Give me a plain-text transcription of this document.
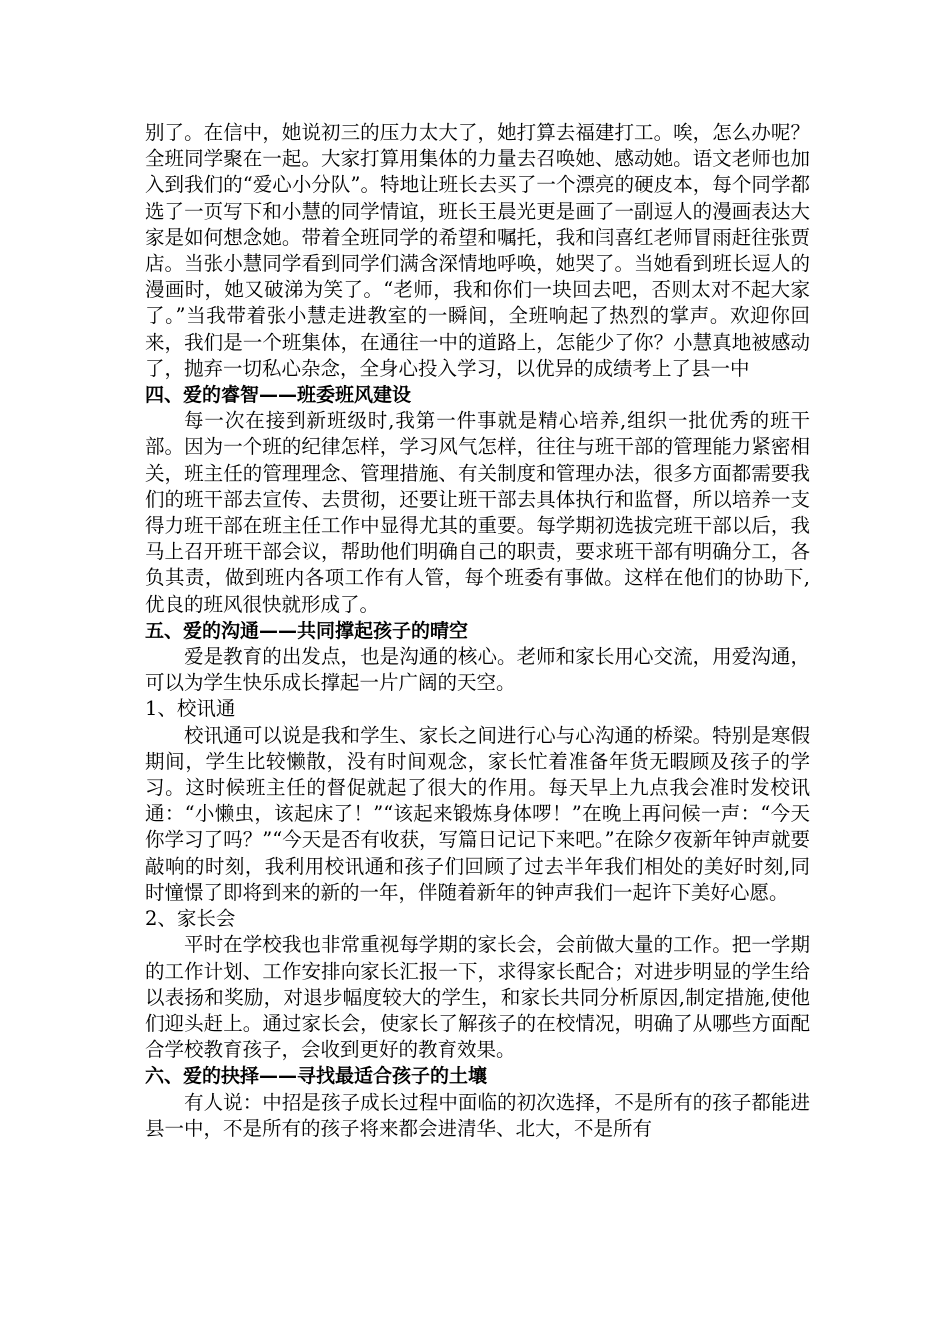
别了。在信中，她说初三的压力太大了，她打算去福建打工。唉，怎么办呢？全班同学聚在一起。大家打算用集体的力量去召唤她、感动她。语文老师也加入到我们的“爱心小分队”。特地让班长去买了一个漂亮的硬皮本，每个同学都选了一页写下和小慧的同学情谊，班长王晨光更是画了一副逗人的漫画表达大家是如何想念她。带着全班同学的希望和嘱托，我和闫喜红老师冒雨赶往张贾店。当张小慧同学看到同学们满含深情地呼唤，她哭了。当她看到班长逗人的漫画时，她又破涕为笑了。“老师，我和你们一块回去吧，否则太对不起大家了。”当我带着张小慧走进教室的一瞬间，全班响起了热烈的掌声。欢迎你回来，我们是一个班集体，在通往一中的道路上，怎能少了你？小慧真地被感动了，抛弃一切私心杂念，全身心投入学习，以优异的成绩考上了县一中

四、爱的睿智——班委班风建设

每一次在接到新班级时,我第一件事就是精心培养,组织一批优秀的班干部。因为一个班的纪律怎样，学习风气怎样，往往与班干部的管理能力紧密相关，班主任的管理理念、管理措施、有关制度和管理办法，很多方面都需要我们的班干部去宣传、去贯彻，还要让班干部去具体执行和监督，所以培养一支得力班干部在班主任工作中显得尤其的重要。每学期初选拔完班干部以后，我马上召开班干部会议，帮助他们明确自己的职责，要求班干部有明确分工，各负其责，做到班内各项工作有人管，每个班委有事做。这样在他们的协助下, 优良的班风很快就形成了。

五、爱的沟通——共同撑起孩子的晴空

爱是教育的出发点，也是沟通的核心。老师和家长用心交流，用爱沟通，可以为学生快乐成长撑起一片广阔的天空。

1、校讯通

校讯通可以说是我和学生、家长之间进行心与心沟通的桥梁。特别是寒假期间，学生比较懒散，没有时间观念，家长忙着准备年货无暇顾及孩子的学习。这时候班主任的督促就起了很大的作用。每天早上九点我会准时发校讯通：“小懒虫，该起床了！”“该起来锻炼身体啰！”在晚上再问候一声：“今天你学习了吗？”“今天是否有收获，写篇日记记下来吧。”在除夕夜新年钟声就要敲响的时刻，我利用校讯通和孩子们回顾了过去半年我们相处的美好时刻,同时憧憬了即将到来的新的一年，伴随着新年的钟声我们一起许下美好心愿。

2、家长会

平时在学校我也非常重视每学期的家长会，会前做大量的工作。把一学期的工作计划、工作安排向家长汇报一下，求得家长配合；对进步明显的学生给以表扬和奖励，对退步幅度较大的学生，和家长共同分析原因,制定措施,使他们迎头赶上。通过家长会，使家长了解孩子的在校情况，明确了从哪些方面配合学校教育孩子，会收到更好的教育效果。

六、爱的抉择——寻找最适合孩子的土壤

有人说：中招是孩子成长过程中面临的初次选择，不是所有的孩子都能进县一中，不是所有的孩子将来都会进清华、北大，不是所有
